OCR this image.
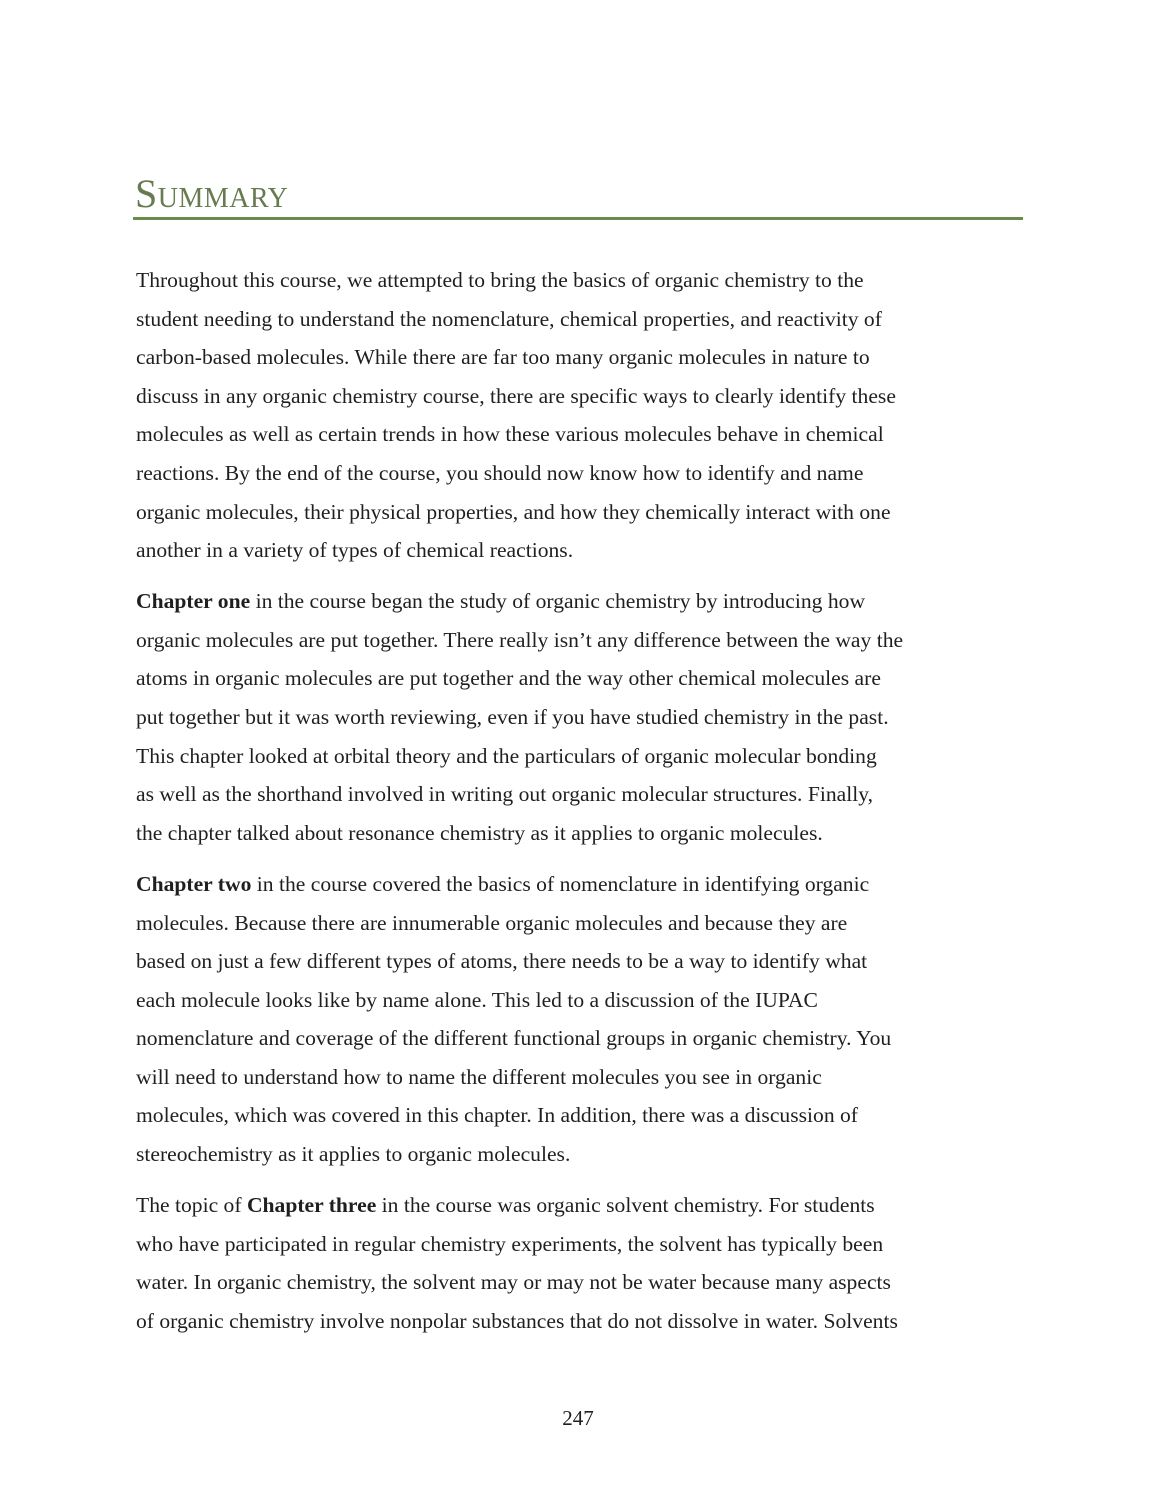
Summary

Throughout this course, we attempted to bring the basics of organic chemistry to the
student needing to understand the nomenclature, chemical properties, and reactivity of
carbon-based molecules. While there are far too many organic molecules in nature to
discuss in any organic chemistry course, there are specific ways to clearly identify these
molecules as well as certain trends in how these various molecules behave in chemical
reactions. By the end of the course, you should now know how to identify and name
organic molecules, their physical properties, and how they chemically interact with one
another in a variety of types of chemical reactions.

Chapter one in the course began the study of organic chemistry by introducing how
organic molecules are put together. There really isn’t any difference between the way the
atoms in organic molecules are put together and the way other chemical molecules are
put together but it was worth reviewing, even if you have studied chemistry in the past.
This chapter looked at orbital theory and the particulars of organic molecular bonding
as well as the shorthand involved in writing out organic molecular structures. Finally,
the chapter talked about resonance chemistry as it applies to organic molecules.

Chapter two in the course covered the basics of nomenclature in identifying organic
molecules. Because there are innumerable organic molecules and because they are
based on just a few different types of atoms, there needs to be a way to identify what
each molecule looks like by name alone. This led to a discussion of the IUPAC
nomenclature and coverage of the different functional groups in organic chemistry. You
will need to understand how to name the different molecules you see in organic
molecules, which was covered in this chapter. In addition, there was a discussion of
stereochemistry as it applies to organic molecules.

The topic of Chapter three in the course was organic solvent chemistry. For students
who have participated in regular chemistry experiments, the solvent has typically been
water. In organic chemistry, the solvent may or may not be water because many aspects
of organic chemistry involve nonpolar substances that do not dissolve in water. Solvents

247
